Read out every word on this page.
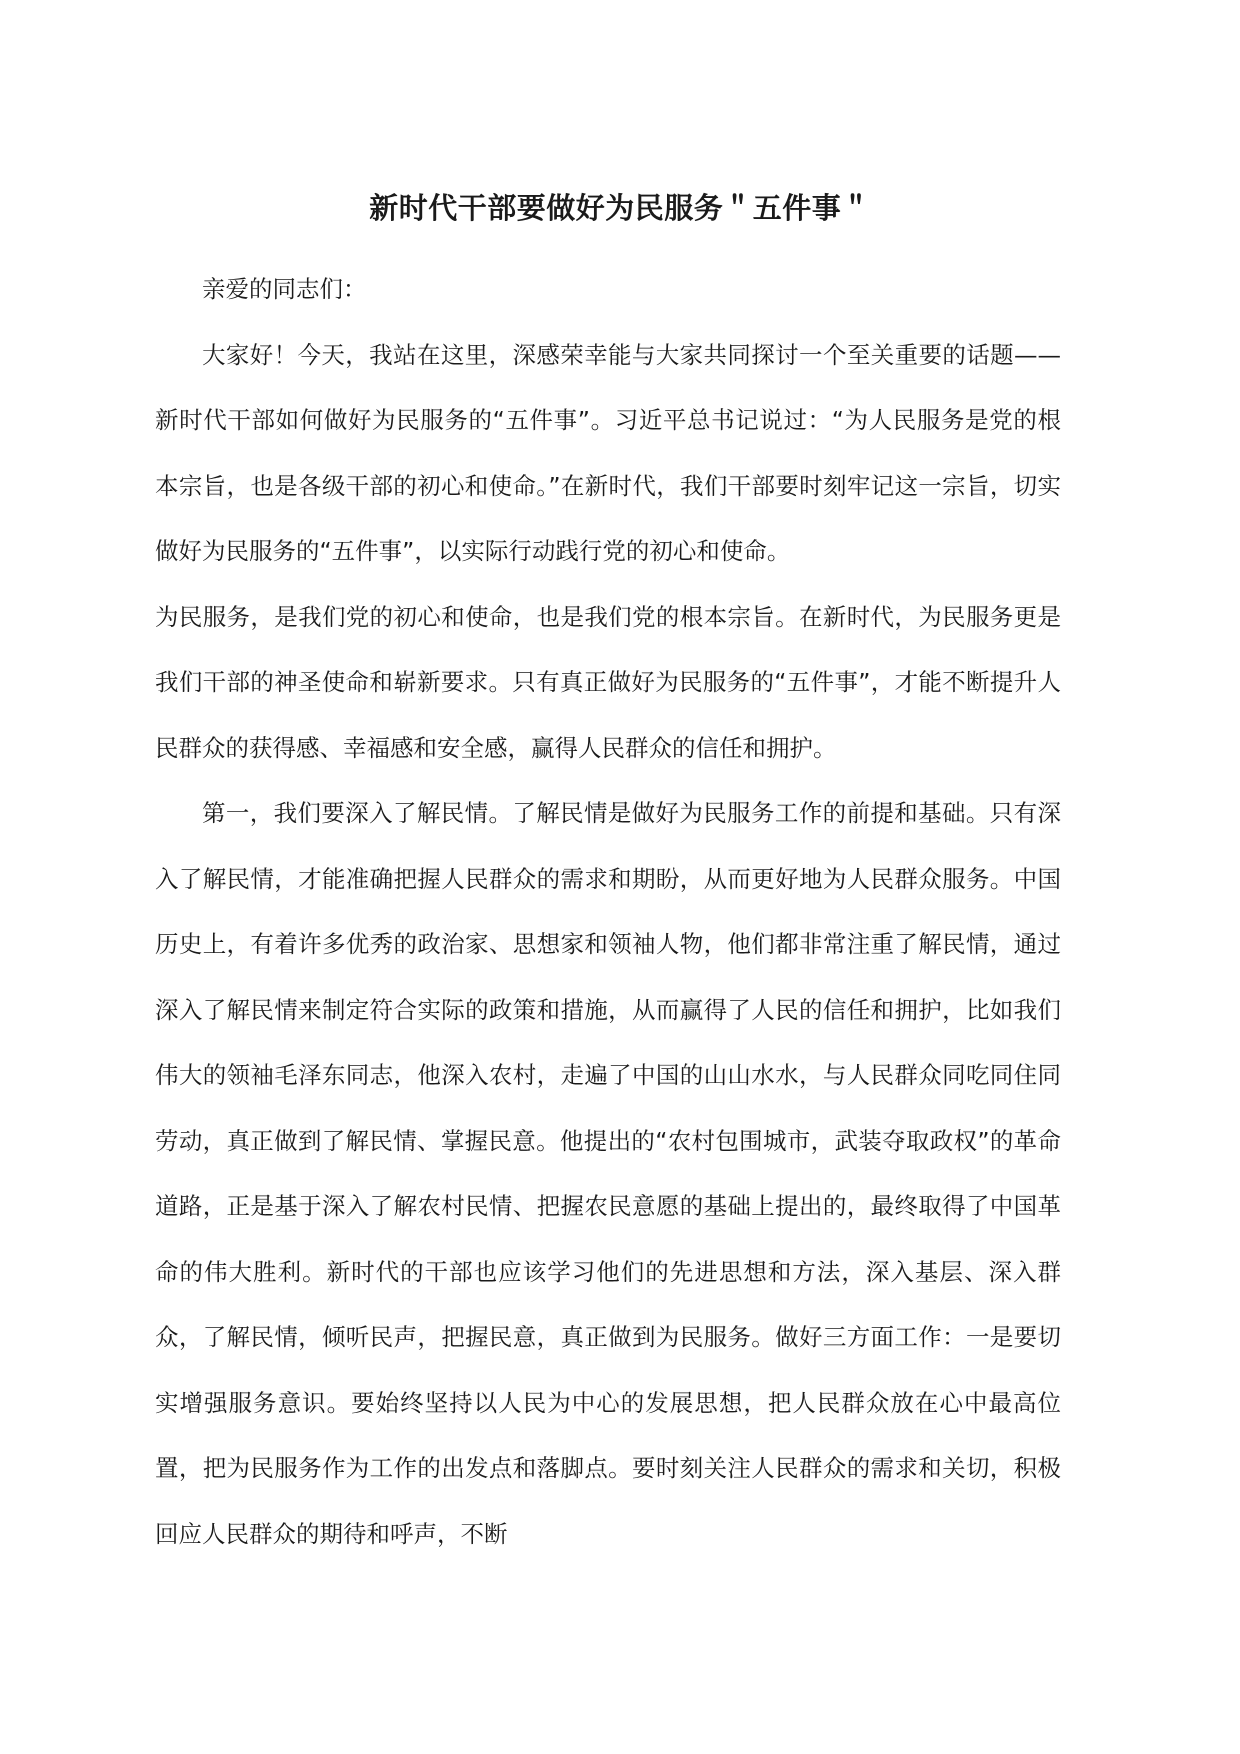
新时代干部要做好为民服务＂五件事＂

亲爱的同志们：

大家好！今天，我站在这里，深感荣幸能与大家共同探讨一个至关重要的话题——新时代干部如何做好为民服务的“五件事”。习近平总书记说过：“为人民服务是党的根本宗旨，也是各级干部的初心和使命。”在新时代，我们干部要时刻牢记这一宗旨，切实做好为民服务的“五件事”，以实际行动践行党的初心和使命。

为民服务，是我们党的初心和使命，也是我们党的根本宗旨。在新时代，为民服务更是我们干部的神圣使命和崭新要求。只有真正做好为民服务的“五件事”，才能不断提升人民群众的获得感、幸福感和安全感，赢得人民群众的信任和拥护。

第一，我们要深入了解民情。了解民情是做好为民服务工作的前提和基础。只有深入了解民情，才能准确把握人民群众的需求和期盼，从而更好地为人民群众服务。中国历史上，有着许多优秀的政治家、思想家和领袖人物，他们都非常注重了解民情，通过深入了解民情来制定符合实际的政策和措施，从而赢得了人民的信任和拥护，比如我们伟大的领袖毛泽东同志，他深入农村，走遍了中国的山山水水，与人民群众同吃同住同劳动，真正做到了解民情、掌握民意。他提出的“农村包围城市，武装夺取政权”的革命道路，正是基于深入了解农村民情、把握农民意愿的基础上提出的，最终取得了中国革命的伟大胜利。新时代的干部也应该学习他们的先进思想和方法，深入基层、深入群众，了解民情，倾听民声，把握民意，真正做到为民服务。做好三方面工作：一是要切实增强服务意识。要始终坚持以人民为中心的发展思想，把人民群众放在心中最高位置，把为民服务作为工作的出发点和落脚点。要时刻关注人民群众的需求和关切，积极回应人民群众的期待和呼声，不断
